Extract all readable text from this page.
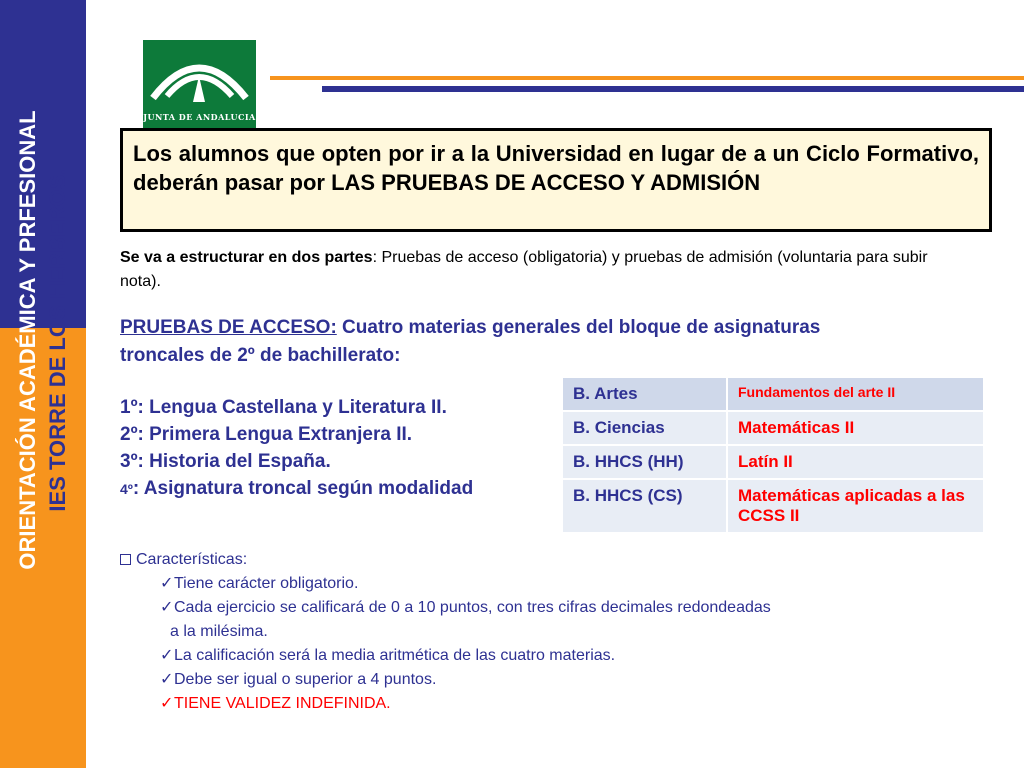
ORIENTACIÓN ACADÉMICA Y PRFESIONAL IES TORRE DE LOS HERBEROS.
JUNTA DE ANDALUCIA
Los alumnos que opten por ir a la Universidad en lugar de a un Ciclo Formativo, deberán pasar por LAS PRUEBAS DE ACCESO Y ADMISIÓN
Se va a estructurar en dos partes: Pruebas de acceso (obligatoria) y pruebas de admisión (voluntaria para subir nota).
PRUEBAS DE ACCESO: Cuatro materias generales del bloque de asignaturas troncales de 2º de bachillerato:
1º: Lengua Castellana y Literatura II.
2º: Primera Lengua Extranjera II.
3º: Historia del España.
4º: Asignatura troncal según modalidad
B. Artes	Fundamentos del arte II
B. Ciencias	Matemáticas II
B. HHCS (HH)	Latín II
B. HHCS (CS)	Matemáticas aplicadas a las CCSS II
Características:
✓Tiene carácter obligatorio.
✓Cada ejercicio se calificará de 0 a 10 puntos, con tres cifras decimales redondeadas
a la milésima.
✓La calificación será la media aritmética de las cuatro materias.
✓Debe ser igual o superior a 4 puntos.
✓TIENE VALIDEZ INDEFINIDA.
